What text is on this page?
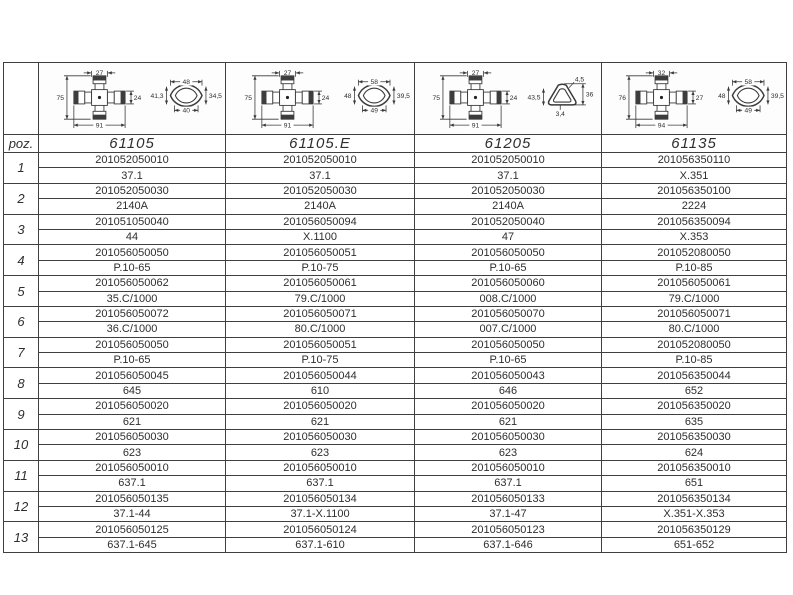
27
75	24
91
48
41,3	34,5
40

27
75	24
91
58
48	39,5
49

27
75	24
91
43,5	36
4,5
3,4

32
76	27
94
58
48	39,5
49

poz.	61105	61105.E	61205	61135
1	201052050010	201052050010	201052050010	201056350110
	37.1	37.1	37.1	X.351
2	201052050030	201052050030	201052050030	201056350100
	2140A	2140A	2140A	2224
3	201051050040	201056050094	201052050040	201056350094
	44	X.1100	47	X.353
4	201056050050	201056050051	201056050050	201052080050
	P.10-65	P.10-75	P.10-65	P.10-85
5	201056050062	201056050061	201056050060	201056050061
	35.C/1000	79.C/1000	008.C/1000	79.C/1000
6	201056050072	201056050071	201056050070	201056050071
	36.C/1000	80.C/1000	007.C/1000	80.C/1000
7	201056050050	201056050051	201056050050	201052080050
	P.10-65	P.10-75	P.10-65	P.10-85
8	201056050045	201056050044	201056050043	201056350044
	645	610	646	652
9	201056050020	201056050020	201056050020	201056350020
	621	621	621	635
10	201056050030	201056050030	201056050030	201056350030
	623	623	623	624
11	201056050010	201056050010	201056050010	201056350010
	637.1	637.1	637.1	651
12	201056050135	201056050134	201056050133	201056350134
	37.1-44	37.1-X.1100	37.1-47	X.351-X.353
13	201056050125	201056050124	201056050123	201056350129
	637.1-645	637.1-610	637.1-646	651-652
